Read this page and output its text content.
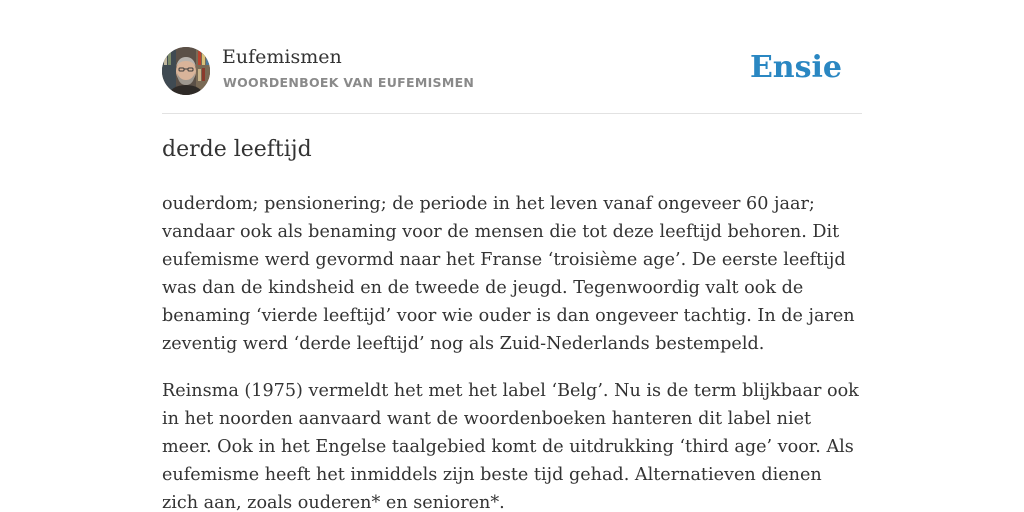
Eufemismen
WOORDENBOEK VAN EUFEMISMEN	Ensie
derde leeftijd

ouderdom; pensionering; de periode in het leven vanaf ongeveer 60 jaar; vandaar ook als benaming voor de mensen die tot deze leeftijd behoren. Dit eufemisme werd gevormd naar het Franse ‘troisième age’. De eerste leeftijd was dan de kindsheid en de tweede de jeugd. Tegenwoordig valt ook de benaming ‘vierde leeftijd’ voor wie ouder is dan ongeveer tachtig. In de jaren zeventig werd ‘derde leeftijd’ nog als Zuid-Nederlands bestempeld.

Reinsma (1975) vermeldt het met het label ‘Belg’. Nu is de term blijkbaar ook in het noorden aanvaard want de woordenboeken hanteren dit label niet meer. Ook in het Engelse taalgebied komt de uitdrukking ‘third age’ voor. Als eufemisme heeft het inmiddels zijn beste tijd gehad. Alternatieven dienen zich aan, zoals ouderen* en senioren*.
